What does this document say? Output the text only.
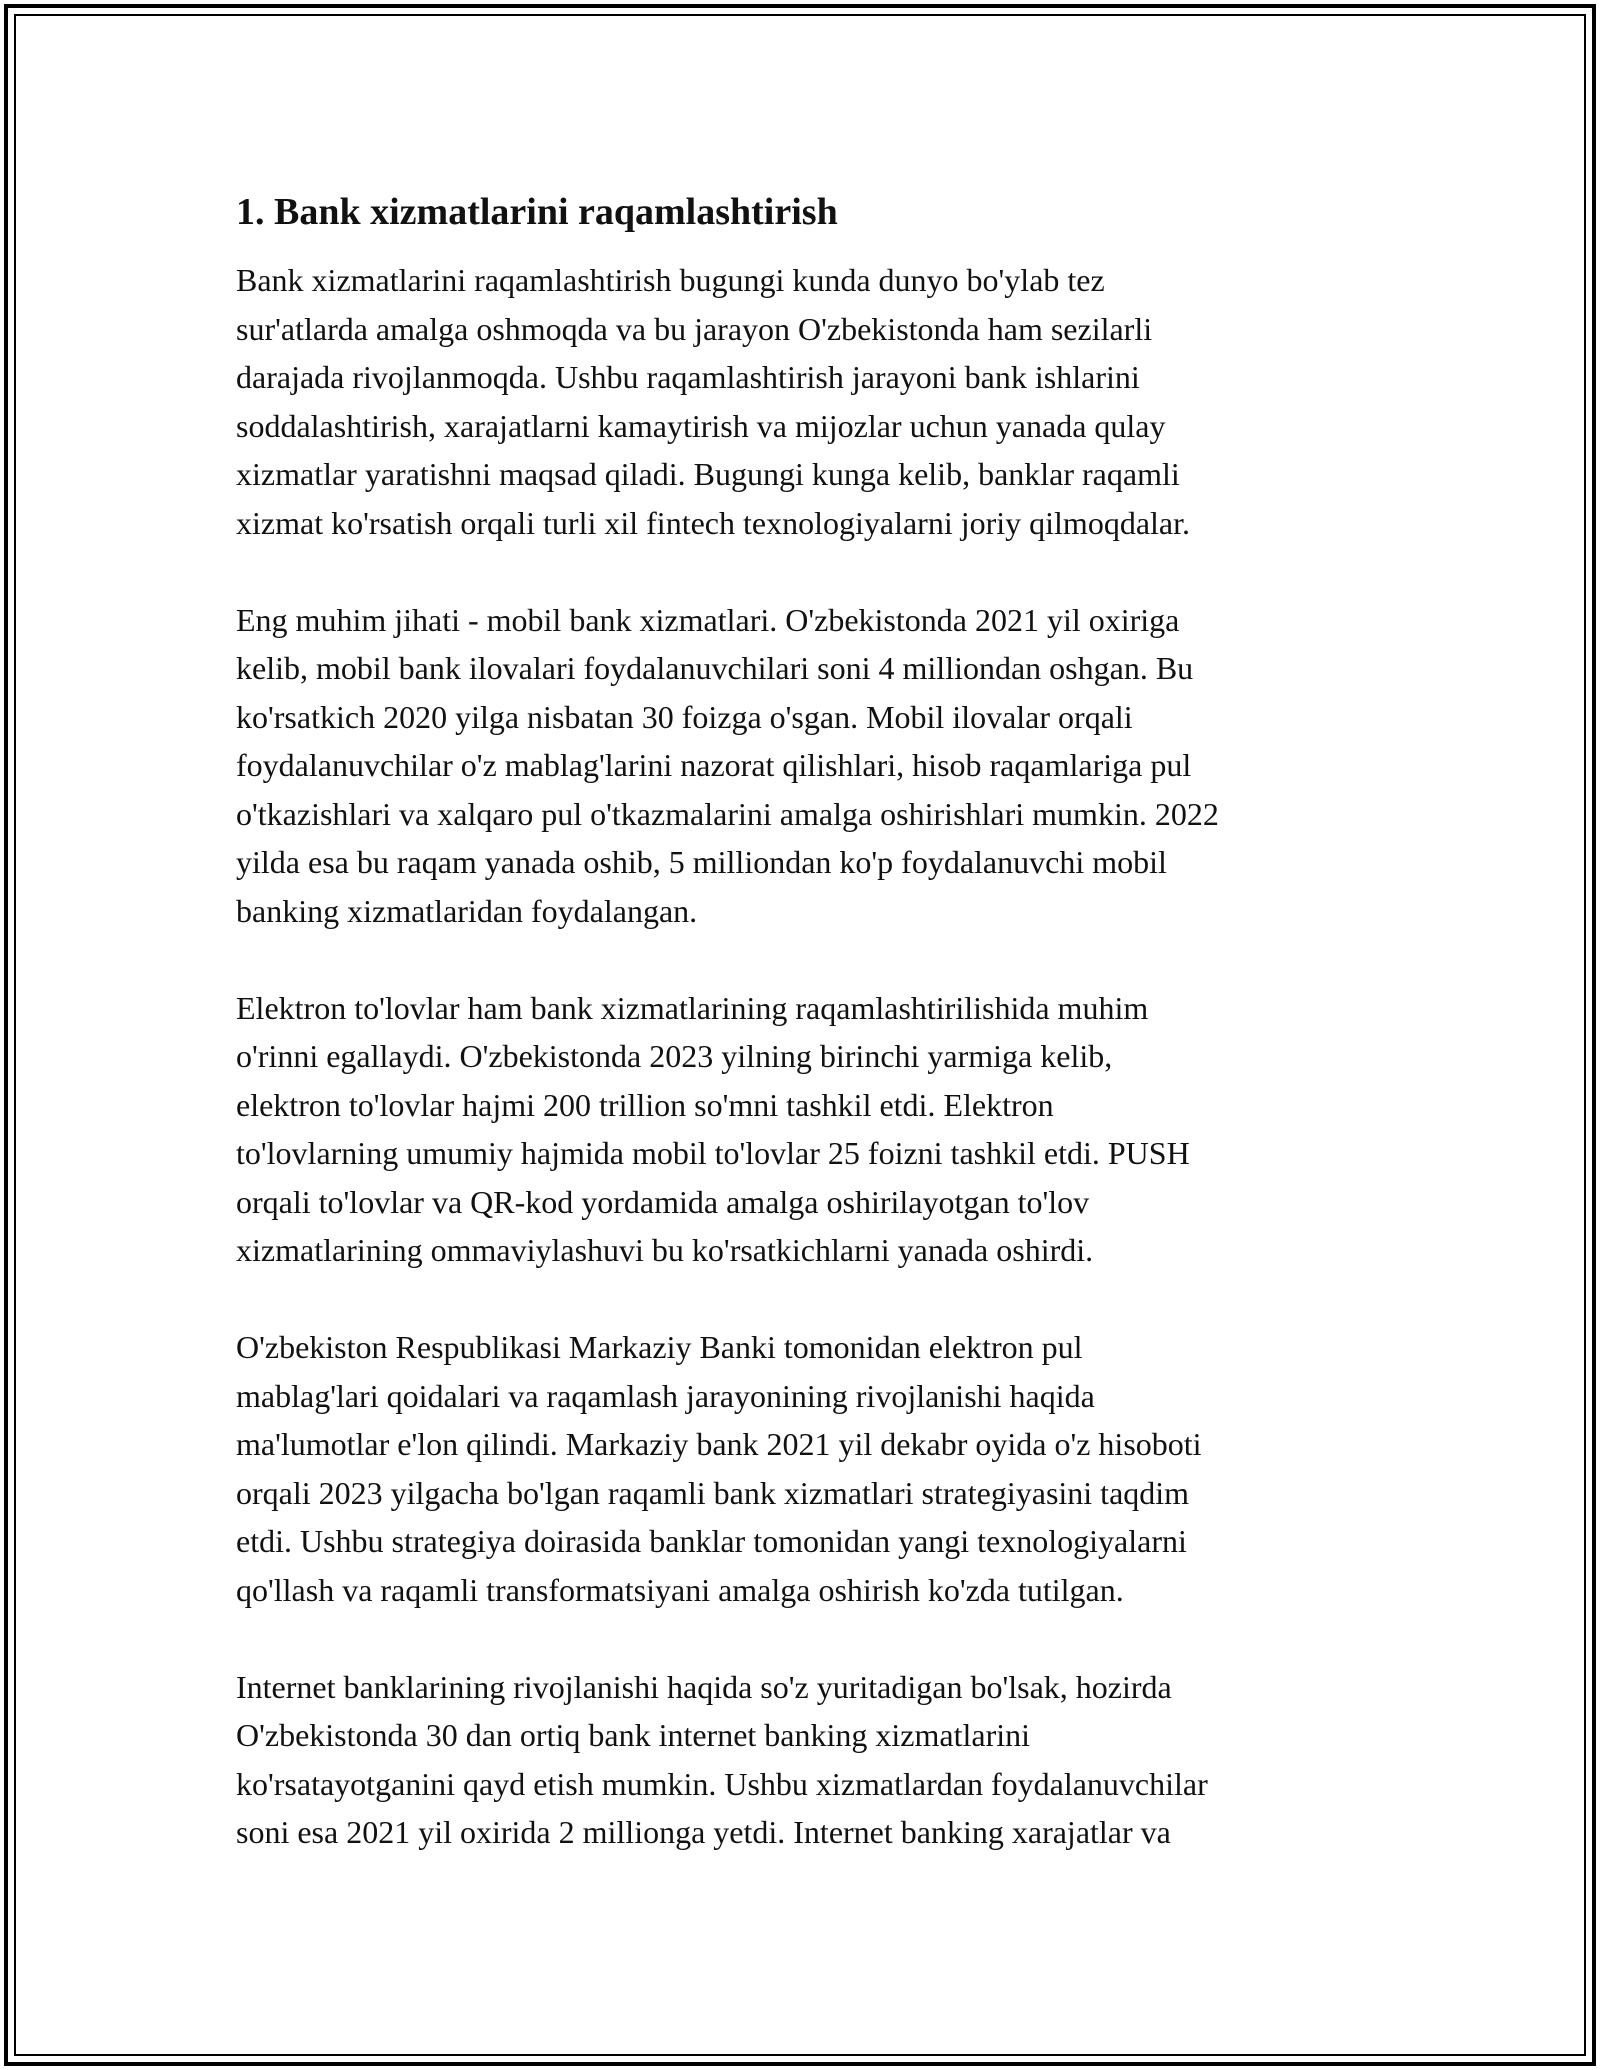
1. Bank xizmatlarini raqamlashtirish

Bank xizmatlarini raqamlashtirish bugungi kunda dunyo bo'ylab tez
sur'atlarda amalga oshmoqda va bu jarayon O'zbekistonda ham sezilarli
darajada rivojlanmoqda. Ushbu raqamlashtirish jarayoni bank ishlarini
soddalashtirish, xarajatlarni kamaytirish va mijozlar uchun yanada qulay
xizmatlar yaratishni maqsad qiladi. Bugungi kunga kelib, banklar raqamli
xizmat ko'rsatish orqali turli xil fintech texnologiyalarni joriy qilmoqdalar.

Eng muhim jihati - mobil bank xizmatlari. O'zbekistonda 2021 yil oxiriga
kelib, mobil bank ilovalari foydalanuvchilari soni 4 milliondan oshgan. Bu
ko'rsatkich 2020 yilga nisbatan 30 foizga o'sgan. Mobil ilovalar orqali
foydalanuvchilar o'z mablag'larini nazorat qilishlari, hisob raqamlariga pul
o'tkazishlari va xalqaro pul o'tkazmalarini amalga oshirishlari mumkin. 2022
yilda esa bu raqam yanada oshib, 5 milliondan ko'p foydalanuvchi mobil
banking xizmatlaridan foydalangan.

Elektron to'lovlar ham bank xizmatlarining raqamlashtirilishida muhim
o'rinni egallaydi. O'zbekistonda 2023 yilning birinchi yarmiga kelib,
elektron to'lovlar hajmi 200 trillion so'mni tashkil etdi. Elektron
to'lovlarning umumiy hajmida mobil to'lovlar 25 foizni tashkil etdi. PUSH
orqali to'lovlar va QR-kod yordamida amalga oshirilayotgan to'lov
xizmatlarining ommaviylashuvi bu ko'rsatkichlarni yanada oshirdi.

O'zbekiston Respublikasi Markaziy Banki tomonidan elektron pul
mablag'lari qoidalari va raqamlash jarayonining rivojlanishi haqida
ma'lumotlar e'lon qilindi. Markaziy bank 2021 yil dekabr oyida o'z hisoboti
orqali 2023 yilgacha bo'lgan raqamli bank xizmatlari strategiyasini taqdim
etdi. Ushbu strategiya doirasida banklar tomonidan yangi texnologiyalarni
qo'llash va raqamli transformatsiyani amalga oshirish ko'zda tutilgan.

Internet banklarining rivojlanishi haqida so'z yuritadigan bo'lsak, hozirda
O'zbekistonda 30 dan ortiq bank internet banking xizmatlarini
ko'rsatayotganini qayd etish mumkin. Ushbu xizmatlardan foydalanuvchilar
soni esa 2021 yil oxirida 2 millionga yetdi. Internet banking xarajatlar va
